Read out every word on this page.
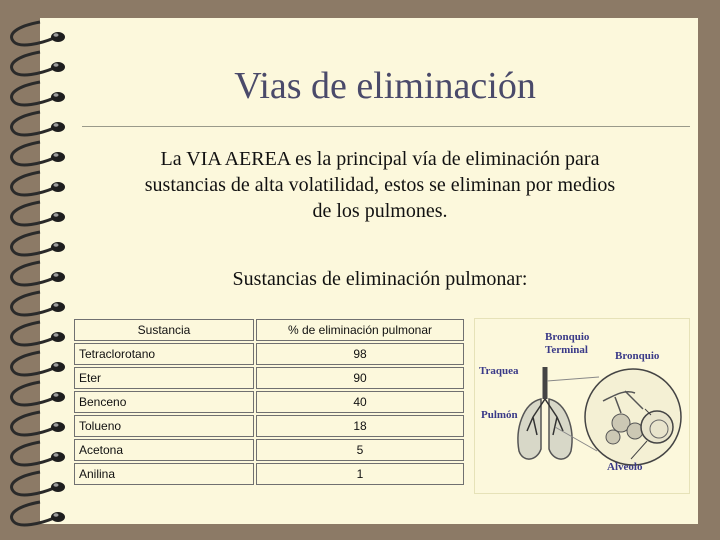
Vias de eliminación
La VIA AEREA es la principal vía de eliminación para
sustancias de alta volatilidad, estos se eliminan por medios
de los pulmones.
Sustancias de eliminación pulmonar:
Sustancia	% de eliminación pulmonar
Tetraclorotano	98
Eter	90
Benceno	40
Tolueno	18
Acetona	5
Anilina	1
Bronquio
Terminal Bronquio
Traquea
Pulmón
Alveolo
